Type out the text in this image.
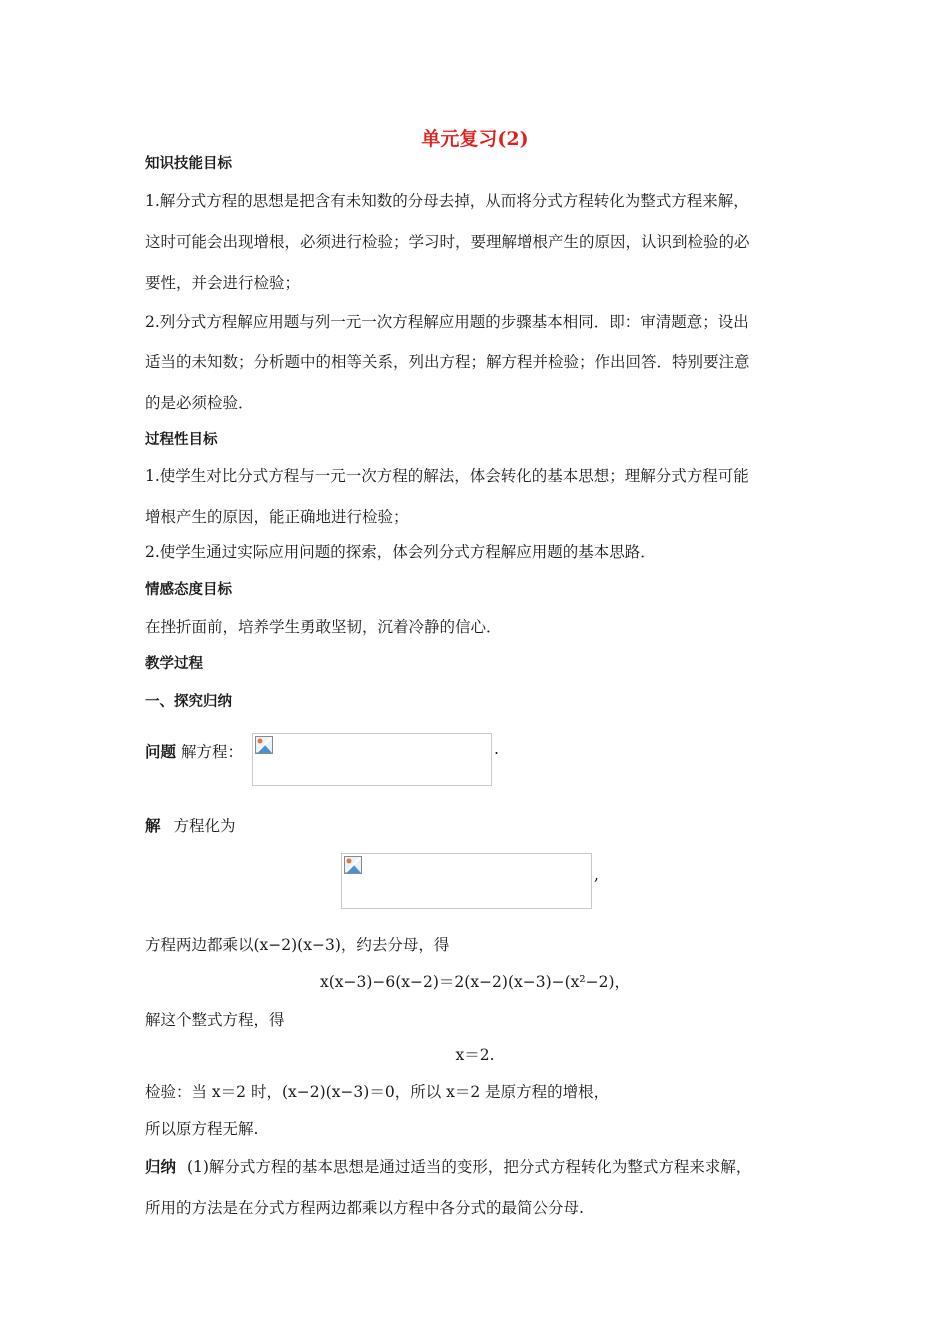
单元复习(2)
知识技能目标
1.解分式方程的思想是把含有未知数的分母去掉，从而将分式方程转化为整式方程来解，
这时可能会出现增根，必须进行检验；学习时，要理解增根产生的原因，认识到检验的必
要性，并会进行检验；
2.列分式方程解应用题与列一元一次方程解应用题的步骤基本相同．即：审清题意；设出
适当的未知数；分析题中的相等关系，列出方程；解方程并检验；作出回答．特别要注意
的是必须检验．
过程性目标
1.使学生对比分式方程与一元一次方程的解法，体会转化的基本思想；理解分式方程可能
增根产生的原因，能正确地进行检验；
2.使学生通过实际应用问题的探索，体会列分式方程解应用题的基本思路．
情感态度目标
在挫折面前，培养学生勇敢坚韧，沉着冷静的信心．
教学过程
一、探究归纳
问题 解方程：	.
解 方程化为
,
方程两边都乘以(x−2)(x−3)，约去分母，得
x(x−3)−6(x−2)＝2(x−2)(x−3)−(x²−2)，
解这个整式方程，得
x＝2.
检验：当 x＝2 时，(x−2)(x−3)＝0，所以 x＝2 是原方程的增根，
所以原方程无解.
归纳 (1)解分式方程的基本思想是通过适当的变形，把分式方程转化为整式方程来求解，
所用的方法是在分式方程两边都乘以方程中各分式的最简公分母.
